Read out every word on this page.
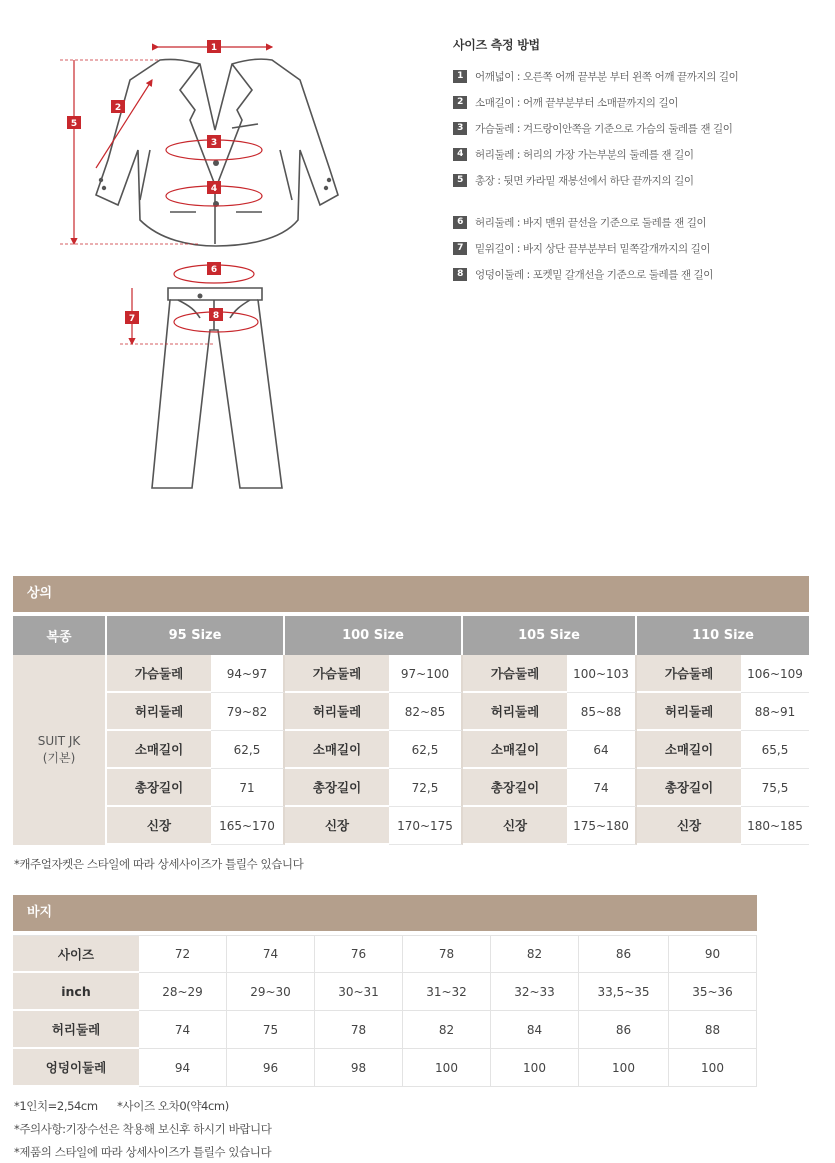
1
2
3
4
5
6
7	8
사이즈 측정 방법
1	어깨넓이 : 오른쪽 어깨 끝부분 부터 왼쪽 어깨 끝까지의 길이
2	소매길이 : 어깨 끝부분부터 소매끝까지의 길이
3	가슴둘레 : 겨드랑이안쪽을 기준으로 가슴의 둘레를 잰 길이
4	허리둘레 : 허리의 가장 가는부분의 둘레를 잰 길이
5	총장 : 뒷면 카라밑 재봉선에서 하단 끝까지의 길이
6	허리둘레 : 바지 맨위 끝선을 기준으로 둘레를 잰 길이
7	밑위길이 : 바지 상단 끝부분부터 밑쪽갈개까지의 길이
8	엉덩이둘레 : 포켓밑 갈개선을 기준으로 둘레를 잰 길이
상의
복종	95 Size		100 Size		105 Size		110 Size	

SUIT JK
(기본)	가슴둘레	94~97	가슴둘레	97~100	가슴둘레	100~103	가슴둘레	106~109
	허리둘레	79~82	허리둘레	82~85	허리둘레	85~88	허리둘레	88~91
	소매길이	62,5	소매길이	62,5	소매길이	64	소매길이	65,5
	총장길이	71	총장길이	72,5	총장길이	74	총장길이	75,5
	신장	165~170	신장	170~175	신장	175~180	신장	180~185
*캐주얼자켓은 스타일에 따라 상세사이즈가 틀릴수 있습니다
바지
사이즈	72	74	76	78	82	86	90
inch	28~29	29~30	30~31	31~32	32~33	33,5~35	35~36
허리둘레	74	75	78	82	84	86	88
엉덩이둘레	94	96	98	100	100	100	100
*1인치=2,54cm      *사이즈 오차0(약4cm)
*주의사항:기장수선은 착용해 보신후 하시기 바랍니다
*제품의 스타일에 따라 상세사이즈가 틀릴수 있습니다
